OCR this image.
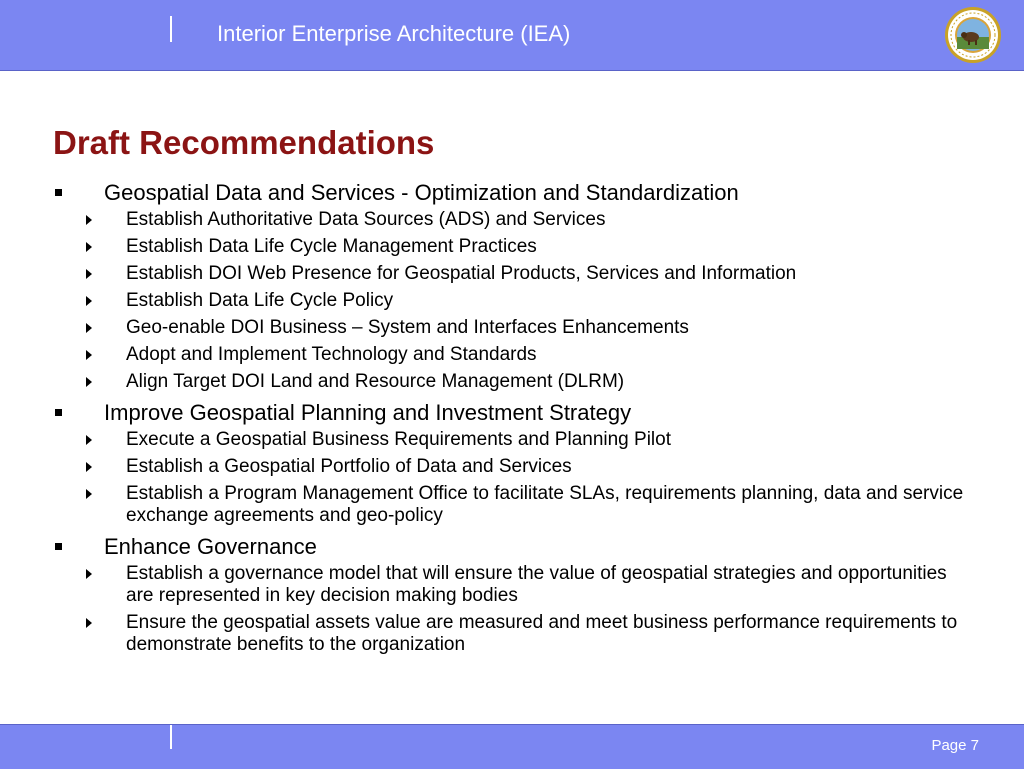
Interior Enterprise Architecture (IEA)
Draft Recommendations
Geospatial Data and Services - Optimization and Standardization
Establish Authoritative Data Sources (ADS) and Services
Establish Data Life Cycle Management Practices
Establish DOI Web Presence for Geospatial Products, Services and Information
Establish Data Life Cycle Policy
Geo-enable DOI Business – System and Interfaces Enhancements
Adopt and Implement Technology and Standards
Align Target DOI Land and Resource Management (DLRM)
Improve Geospatial Planning and Investment Strategy
Execute a Geospatial Business Requirements and Planning Pilot
Establish a Geospatial Portfolio of Data and Services
Establish a Program Management Office to facilitate SLAs, requirements planning, data and service exchange agreements and geo-policy
Enhance Governance
Establish a governance model that will ensure the value of geospatial strategies and opportunities are represented in key decision making bodies
Ensure the geospatial assets value are measured and meet business performance requirements to demonstrate benefits to the organization
Page 7
